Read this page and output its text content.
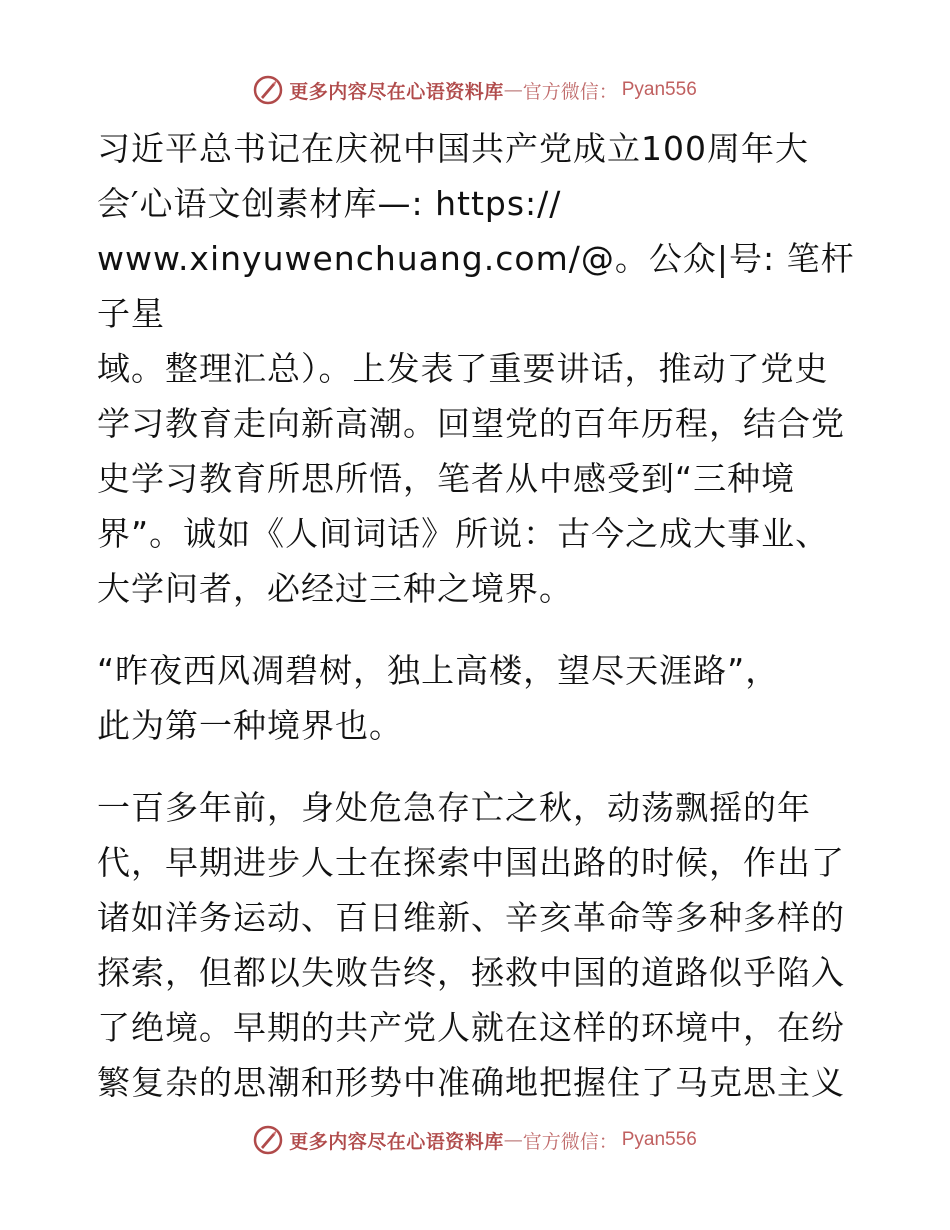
更多内容尽在心语资料库 — 官方微信： Pyan556

习近平总书记在庆祝中国共产党成立100周年大
会′心语文创素材库—: https://
www.xinyuwenchuang.com/@。公众|号: 笔杆子星
域。整理汇总）。上发表了重要讲话，推动了党史
学习教育走向新高潮。回望党的百年历程，结合党
史学习教育所思所悟，笔者从中感受到“三种境
界”。诚如《人间词话》所说：古今之成大事业、
大学问者，必经过三种之境界。

“昨夜西风凋碧树，独上高楼，望尽天涯路”，
此为第一种境界也。

一百多年前，身处危急存亡之秋，动荡飘摇的年
代，早期进步人士在探索中国出路的时候，作出了
诸如洋务运动、百日维新、辛亥革命等多种多样的
探索，但都以失败告终，拯救中国的道路似乎陷入
了绝境。早期的共产党人就在这样的环境中，在纷
繁复杂的思潮和形势中准确地把握住了马克思主义

更多内容尽在心语资料库 — 官方微信： Pyan556
